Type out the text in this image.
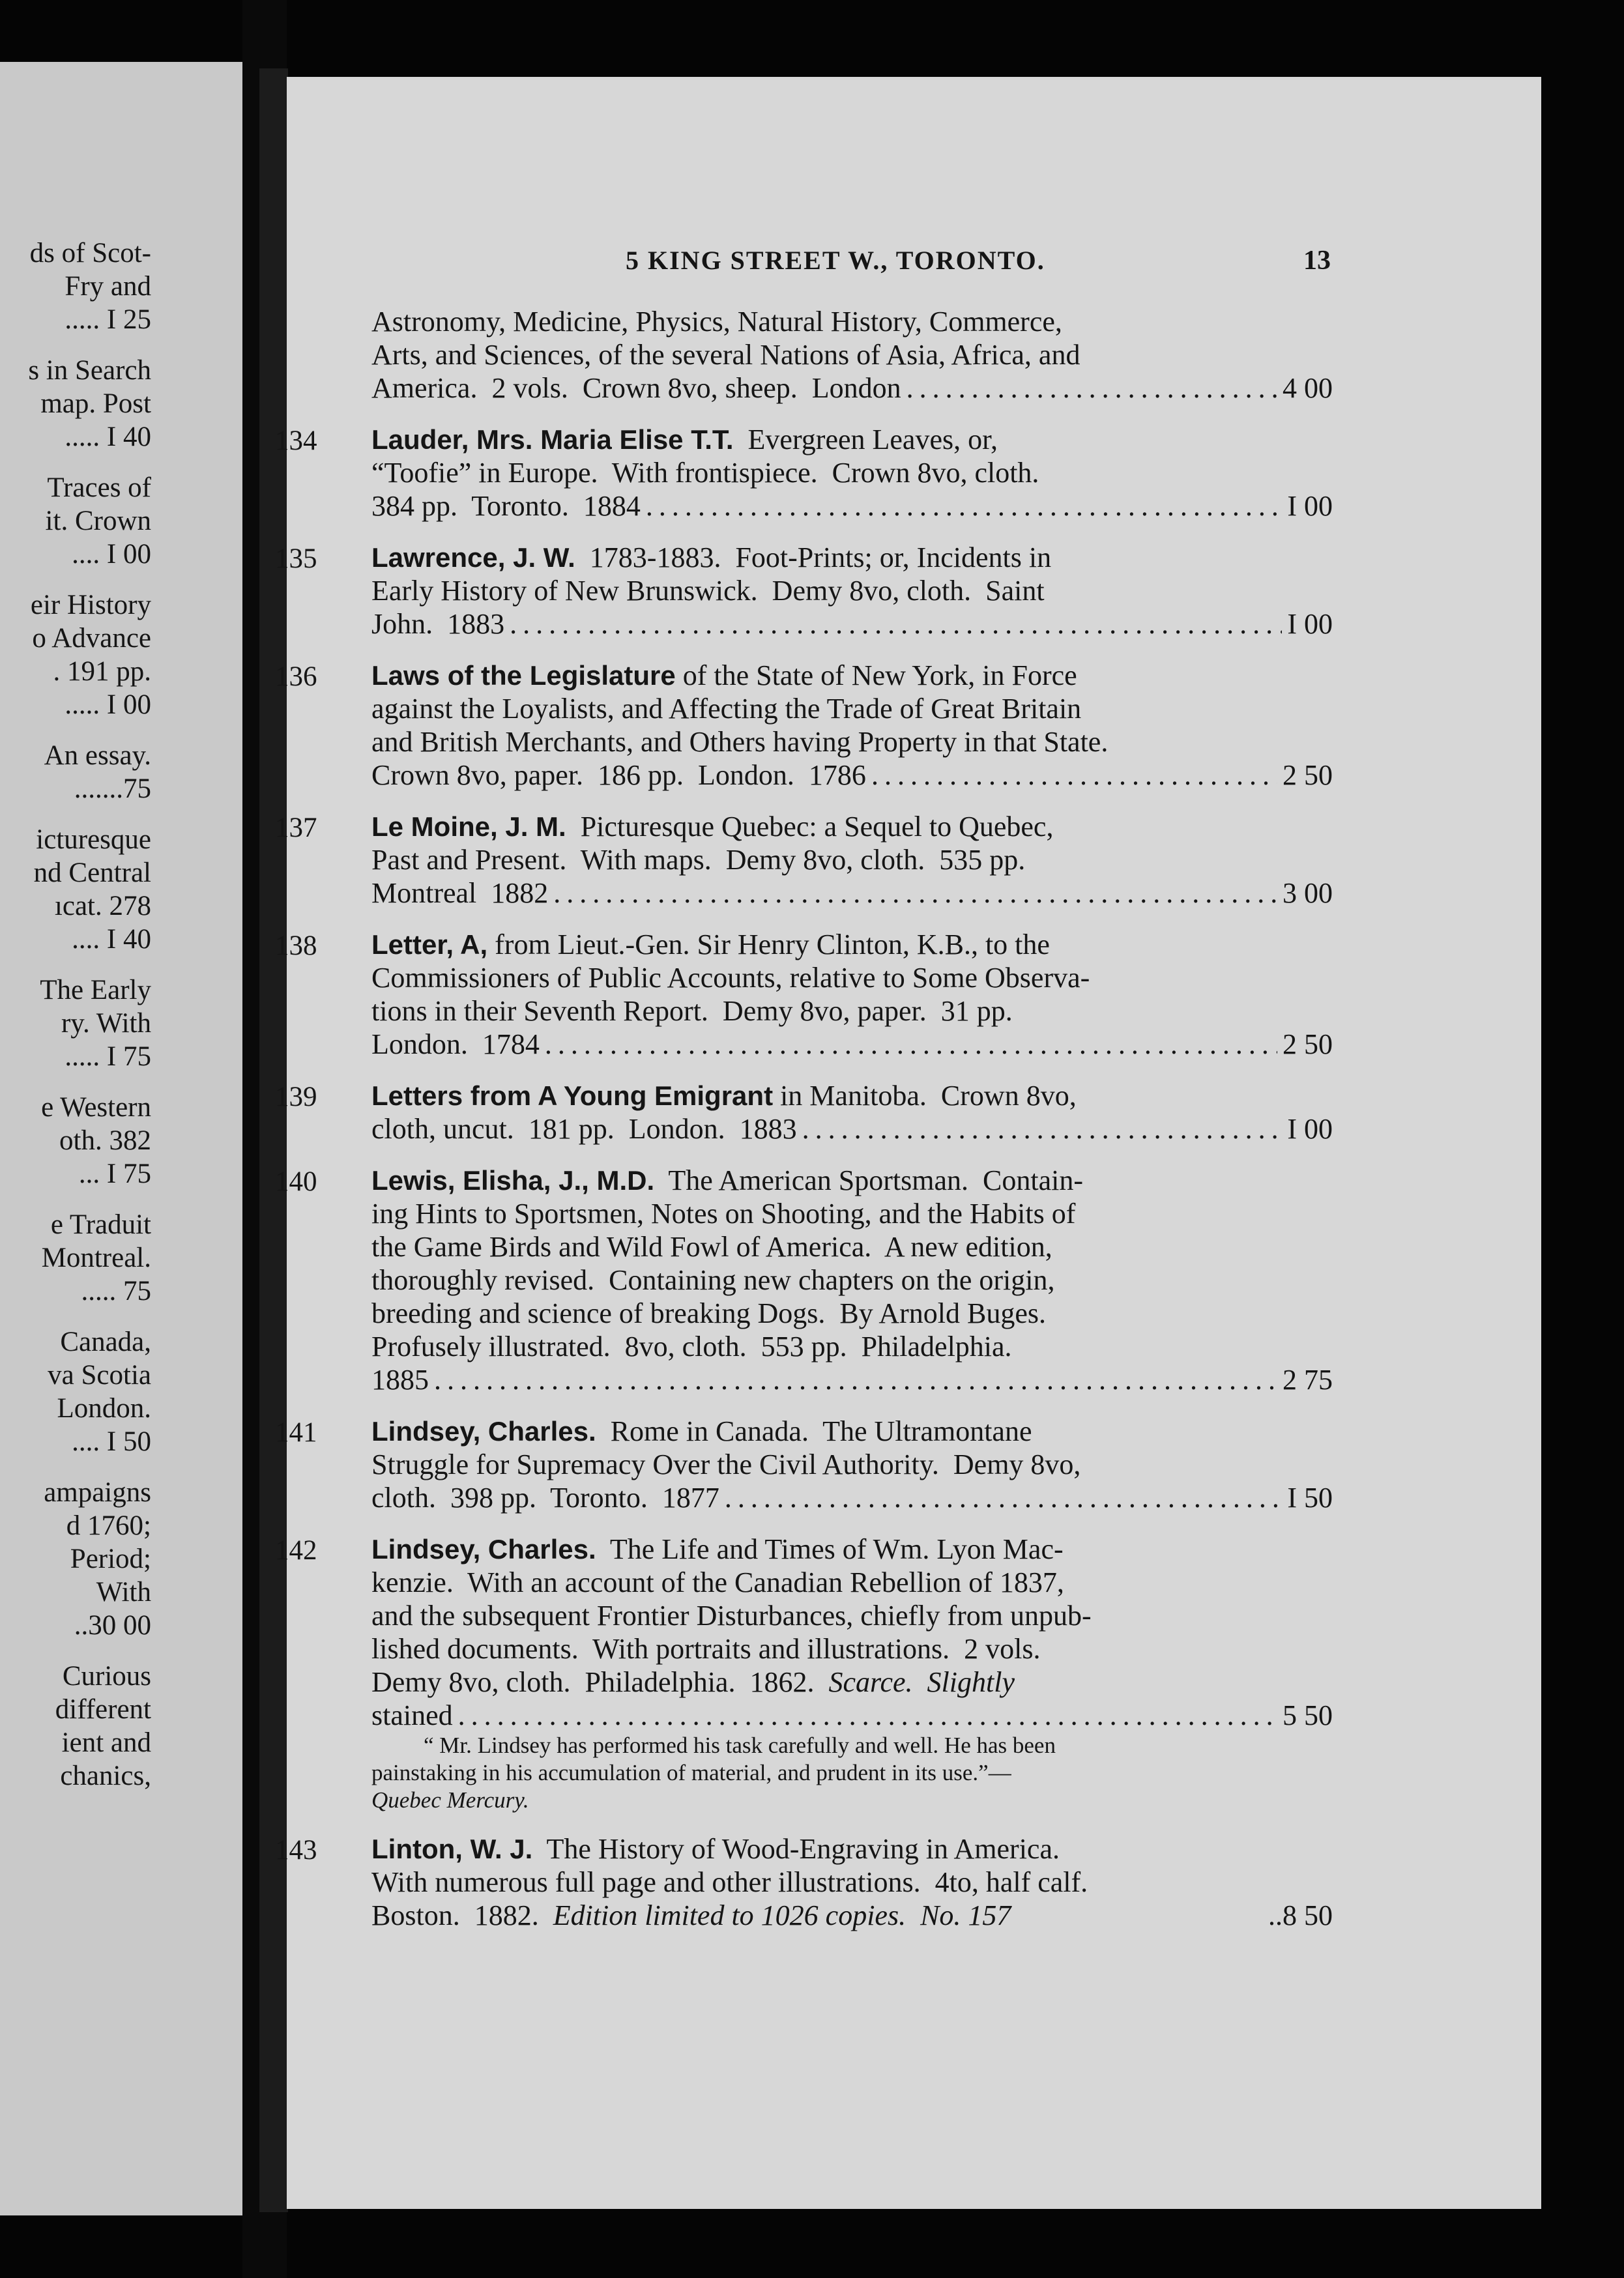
ds of Scot-
Fry and
..... I 25
s in Search
map. Post
..... I 40
Traces of
it. Crown
.... I 00
eir History
o Advance
. 191 pp.
..... I 00
An essay.
.......75
icturesque
nd Central
ıcat. 278
.... I 40
The Early
ry. With
..... I 75
e Western
oth. 382
... I 75
e Traduit
Montreal.
..... 75
Canada,
va Scotia
London.
.... I 50
ampaigns
d 1760;
Period;
With
..30 00
Curious
different
ient and
chanics,
5 KING STREET W., TORONTO.	13
Astronomy, Medicine, Physics, Natural History, Commerce,
Arts, and Sciences, of the several Nations of Asia, Africa, and
America.  2 vols.  Crown 8vo, sheep.  London .....	4 00
134 Lauder, Mrs. Maria Elise T.T. Evergreen Leaves, or,
“Toofie” in Europe.  With frontispiece.  Crown 8vo, cloth.
384 pp.  Toronto.  1884 .....	I 00
135 Lawrence, J. W. 1783-1883.  Foot-Prints; or, Incidents in
Early History of New Brunswick.  Demy 8vo, cloth.  Saint
John.  1883 .....	I 00
136 Laws of the Legislature of the State of New York, in Force
against the Loyalists, and Affecting the Trade of Great Britain
and British Merchants, and Others having Property in that State.
Crown 8vo, paper.  186 pp.  London.  1786 .....	2 50
137 Le Moine, J. M. Picturesque Quebec: a Sequel to Quebec,
Past and Present.  With maps.  Demy 8vo, cloth.  535 pp.
Montreal  1882 .....	3 00
138 Letter, A, from Lieut.-Gen. Sir Henry Clinton, K.B., to the
Commissioners of Public Accounts, relative to Some Observa-
tions in their Seventh Report.  Demy 8vo, paper.  31 pp.
London.  1784 .....	2 50
139 Letters from A Young Emigrant in Manitoba.  Crown 8vo,
cloth, uncut.  181 pp.  London.  1883 .....	I 00
140 Lewis, Elisha, J., M.D. The American Sportsman.  Contain-
ing Hints to Sportsmen, Notes on Shooting, and the Habits of
the Game Birds and Wild Fowl of America.  A new edition,
thoroughly revised.  Containing new chapters on the origin,
breeding and science of breaking Dogs.  By Arnold Buges.
Profusely illustrated.  8vo, cloth.  553 pp.  Philadelphia.
1885 .....	2 75
141 Lindsey, Charles. Rome in Canada.  The Ultramontane
Struggle for Supremacy Over the Civil Authority.  Demy 8vo,
cloth.  398 pp.  Toronto.  1877 .....	I 50
142 Lindsey, Charles. The Life and Times of Wm. Lyon Mac-
kenzie.  With an account of the Canadian Rebellion of 1837,
and the subsequent Frontier Disturbances, chiefly from unpub-
lished documents.  With portraits and illustrations.  2 vols.
Demy 8vo, cloth.  Philadelphia.  1862. Scarce.  Slightly
stained .....	5 50
“ Mr. Lindsey has performed his task carefully and well. He has been
painstaking in his accumulation of material, and prudent in its use.”—
Quebec Mercury.
143 Linton, W. J. The History of Wood-Engraving in America.
With numerous full page and other illustrations.  4to, half calf.
Boston.  1882. Edition limited to 1026 copies.  No. 157	..8 50
